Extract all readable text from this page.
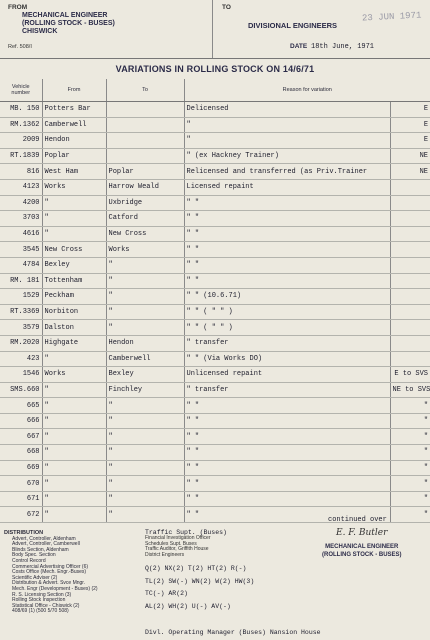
FROM
MECHANICAL ENGINEER
(ROLLING STOCK - BUSES)
CHISWICK
Ref. 508/I
TO
DIVISIONAL ENGINEERS
23 JUN 1971
DATE 18th June, 1971
VARIATIONS IN ROLLING STOCK ON 14/6/71
Vehicle number	From	To	Reason for variation	
MB. 150	Potters Bar		Delicensed	E
RM.1362	Camberwell		"	E
2009	Hendon		"	E
RT.1839	Poplar		" (ex Hackney Trainer)	NE
816	West Ham	Poplar	Relicensed and transferred (as Priv.Trainer	NE
4123	Works	Harrow Weald	Licensed repaint	
4200	"	Uxbridge	" "	
3703	"	Catford	" "	
4616	"	New Cross	" "	
3545	New Cross	Works	" "	
4784	Bexley	"	" "	
RM. 181	Tottenham	"	" "	
1529	Peckham	"	" " (10.6.71)	
RT.3369	Norbiton	"	" " ( " " )	
3579	Dalston	"	" " ( " " )	
RM.2020	Highgate	Hendon	" transfer	
423	"	Camberwell	" " (Via Works DO)	
1546	Works	Bexley	Unlicensed repaint	E to SVS
SMS.660	"	Finchley	" transfer	NE to SVS
665	"	"	" "	"
666	"	"	" "	"
667	"	"	" "	"
668	"	"	" "	"
669	"	"	" "	"
670	"	"	" "	"
671	"	"	" "	"
672	"	"	" "	"
continued over
DISTRIBUTION
Advert, Controller, Aldenham
Advert, Controller, Camberwell
Blinds Section, Aldenham
Body Spec. Section
Control Record
Commercial Advertising Officer (6)
Costs Office (Mech. Engr.-Buses)
Scientific Adviser (2)
Distribution & Advert. Svce Mngr.
Mech. Engr (Development - Buses) (2)
R. S. Licensing Section (3)
Rolling Stock Inspection
Statistical Office - Chiswick (2)
408/69 (1) (500 5/70 508)
Traffic Supt. (Buses)
Financial Investigation Officer
Schedules Supt. Buses
Traffic Auditor, Griffith House
District Engineers
Q(2) NX(2) T(2) HT(2) R(-)
TL(2) SW(-) WN(2) W(2) HW(3)
TC(-) AR(2)
AL(2) WH(2) U(-) AV(-)
Divl. Operating Manager (Buses) Nansion House
E. F. Butler
MECHANICAL ENGINEER
(ROLLING STOCK - BUSES)
